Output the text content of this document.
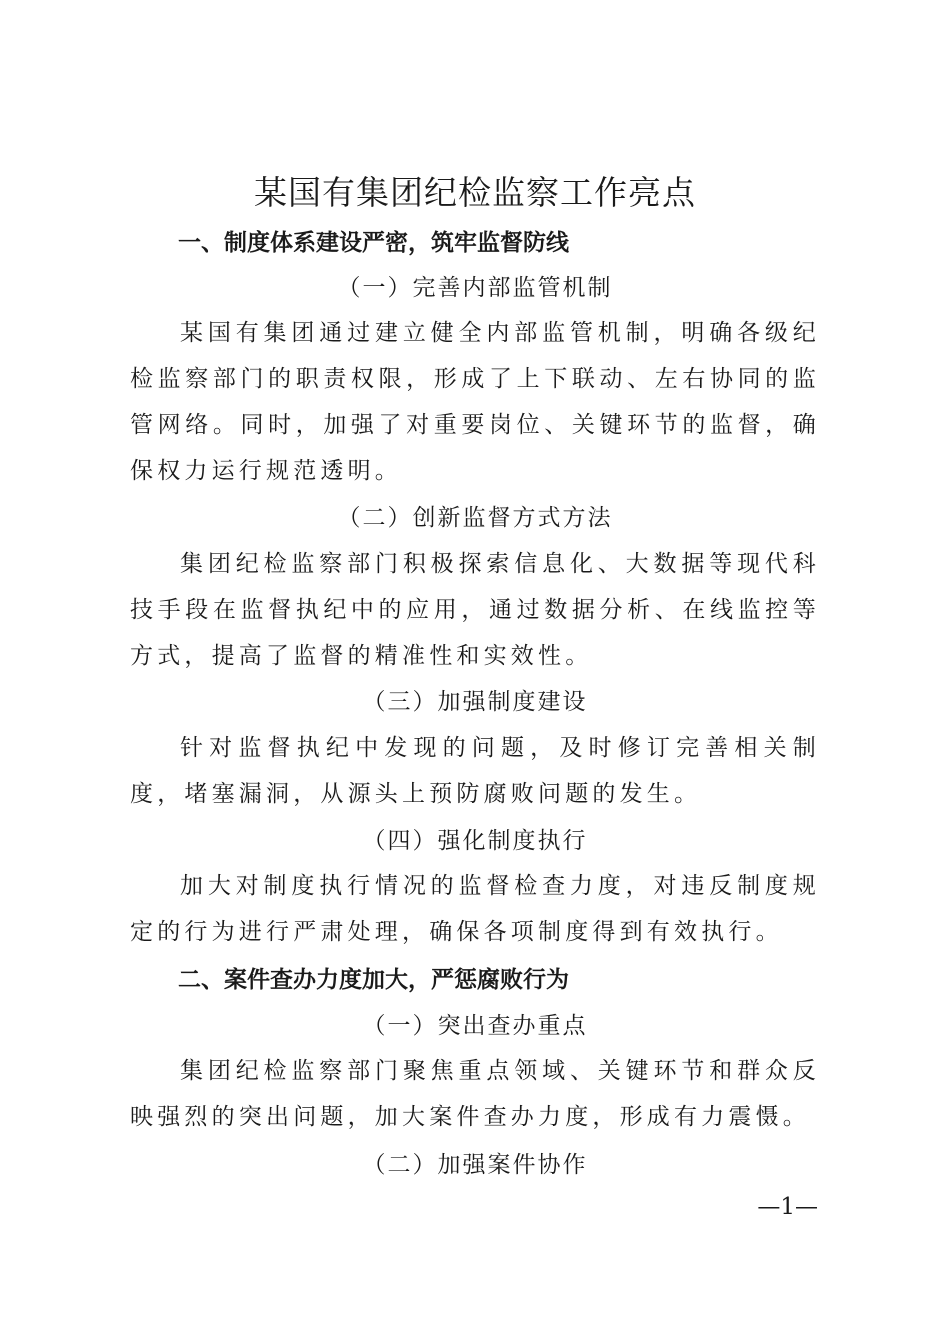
某国有集团纪检监察工作亮点
一、制度体系建设严密，筑牢监督防线
（一）完善内部监管机制

某国有集团通过建立健全内部监管机制，明确各级纪检监察部门的职责权限，形成了上下联动、左右协同的监管网络。同时，加强了对重要岗位、关键环节的监督，确保权力运行规范透明。

（二）创新监督方式方法

集团纪检监察部门积极探索信息化、大数据等现代科技手段在监督执纪中的应用，通过数据分析、在线监控等方式，提高了监督的精准性和实效性。

（三）加强制度建设

针对监督执纪中发现的问题，及时修订完善相关制度，堵塞漏洞，从源头上预防腐败问题的发生。

（四）强化制度执行

加大对制度执行情况的监督检查力度，对违反制度规定的行为进行严肃处理，确保各项制度得到有效执行。

二、案件查办力度加大，严惩腐败行为
（一）突出查办重点

集团纪检监察部门聚焦重点领域、关键环节和群众反映强烈的突出问题，加大案件查办力度，形成有力震慑。

（二）加强案件协作
—1—
